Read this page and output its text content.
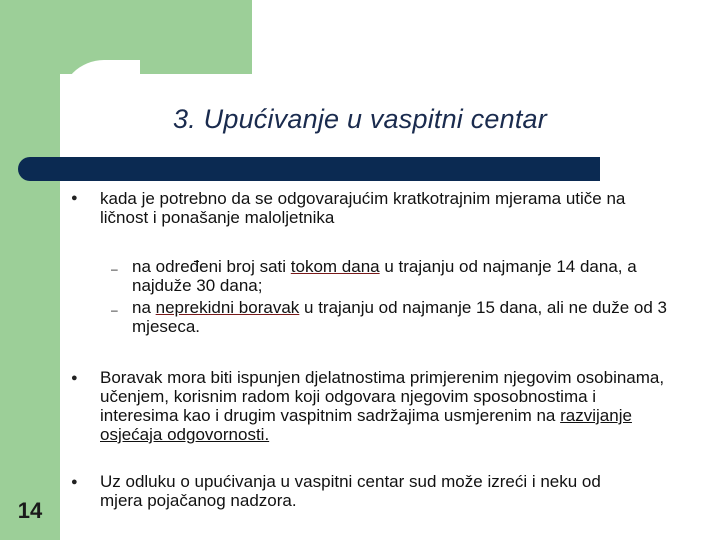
3. Upućivanje u vaspitni centar
● kada je potrebno da se odgovarajućim kratkotrajnim mjerama utiče na ličnost i ponašanje maloljetnika
– na određeni broj sati tokom dana u trajanju od najmanje 14 dana, a najduže 30 dana;
– na neprekidni boravak u trajanju od najmanje 15 dana, ali ne duže od 3 mjeseca.
● Boravak mora biti ispunjen djelatnostima primjerenim njegovim osobinama, učenjem, korisnim radom koji odgovara njegovim sposobnostima i interesima kao i drugim vaspitnim sadržajima usmjerenim na razvijanje osjećaja odgovornosti.
● Uz odluku o upućivanja u vaspitni centar sud može izreći i neku od mjera pojačanog nadzora.
14
